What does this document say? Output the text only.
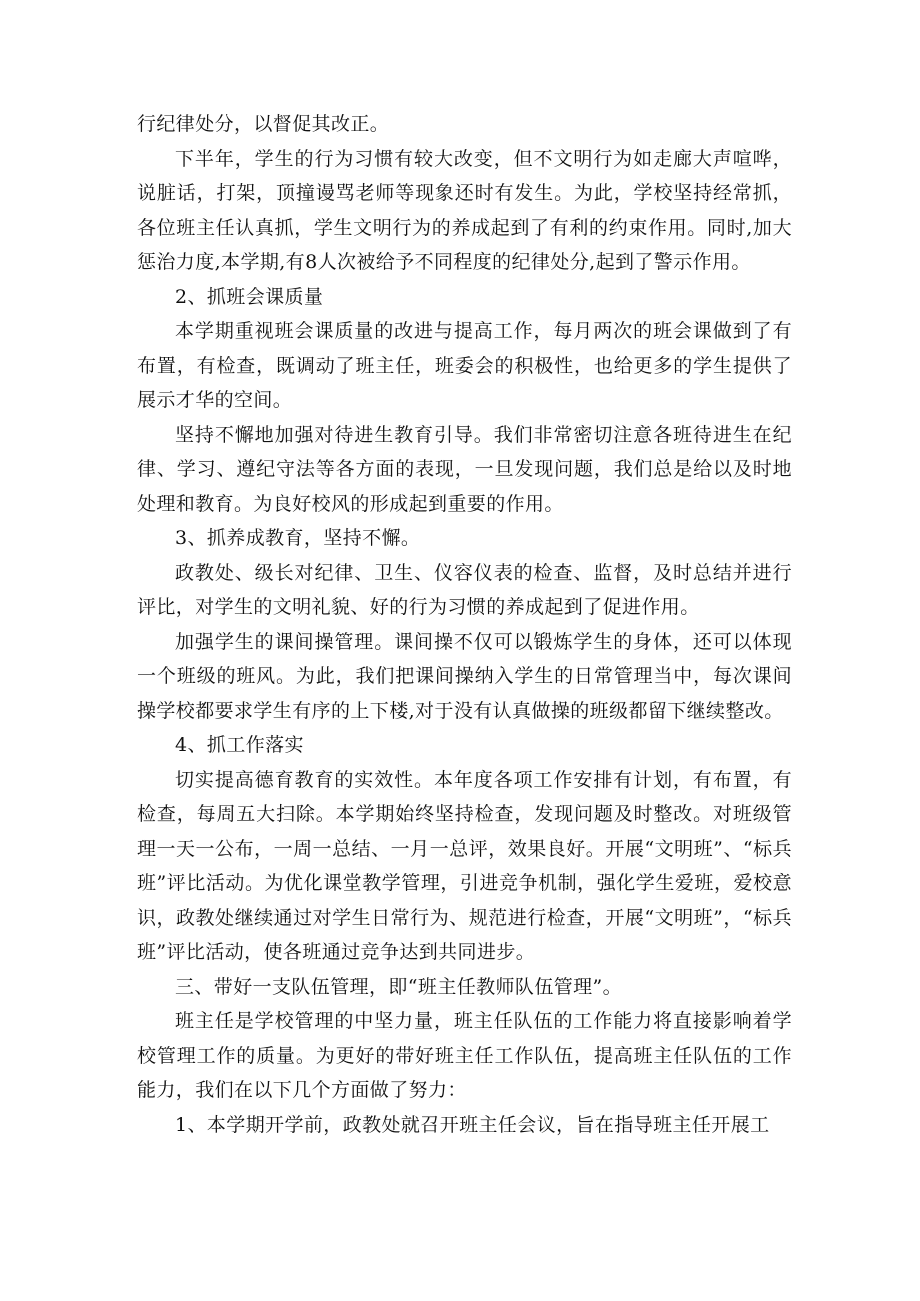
行纪律处分，以督促其改正。

下半年，学生的行为习惯有较大改变，但不文明行为如走廊大声喧哗，说脏话，打架，顶撞谩骂老师等现象还时有发生。为此，学校坚持经常抓，各位班主任认真抓，学生文明行为的养成起到了有利的约束作用。同时,加大惩治力度,本学期,有8人次被给予不同程度的纪律处分,起到了警示作用。

2、抓班会课质量

本学期重视班会课质量的改进与提高工作，每月两次的班会课做到了有布置，有检查，既调动了班主任，班委会的积极性，也给更多的学生提供了展示才华的空间。

坚持不懈地加强对待进生教育引导。我们非常密切注意各班待进生在纪律、学习、遵纪守法等各方面的表现，一旦发现问题，我们总是给以及时地处理和教育。为良好校风的形成起到重要的作用。

3、抓养成教育，坚持不懈。

政教处、级长对纪律、卫生、仪容仪表的检查、监督，及时总结并进行评比，对学生的文明礼貌、好的行为习惯的养成起到了促进作用。

加强学生的课间操管理。课间操不仅可以锻炼学生的身体，还可以体现一个班级的班风。为此，我们把课间操纳入学生的日常管理当中，每次课间操学校都要求学生有序的上下楼,对于没有认真做操的班级都留下继续整改。

4、抓工作落实

切实提高德育教育的实效性。本年度各项工作安排有计划，有布置，有检查，每周五大扫除。本学期始终坚持检查，发现问题及时整改。对班级管理一天一公布，一周一总结、一月一总评，效果良好。开展“文明班”、“标兵班”评比活动。为优化课堂教学管理，引进竞争机制，强化学生爱班，爱校意识，政教处继续通过对学生日常行为、规范进行检查，开展“文明班”，“标兵班”评比活动，使各班通过竞争达到共同进步。

三、带好一支队伍管理，即“班主任教师队伍管理”。

班主任是学校管理的中坚力量，班主任队伍的工作能力将直接影响着学校管理工作的质量。为更好的带好班主任工作队伍，提高班主任队伍的工作能力，我们在以下几个方面做了努力：

1、本学期开学前，政教处就召开班主任会议，旨在指导班主任开展工
